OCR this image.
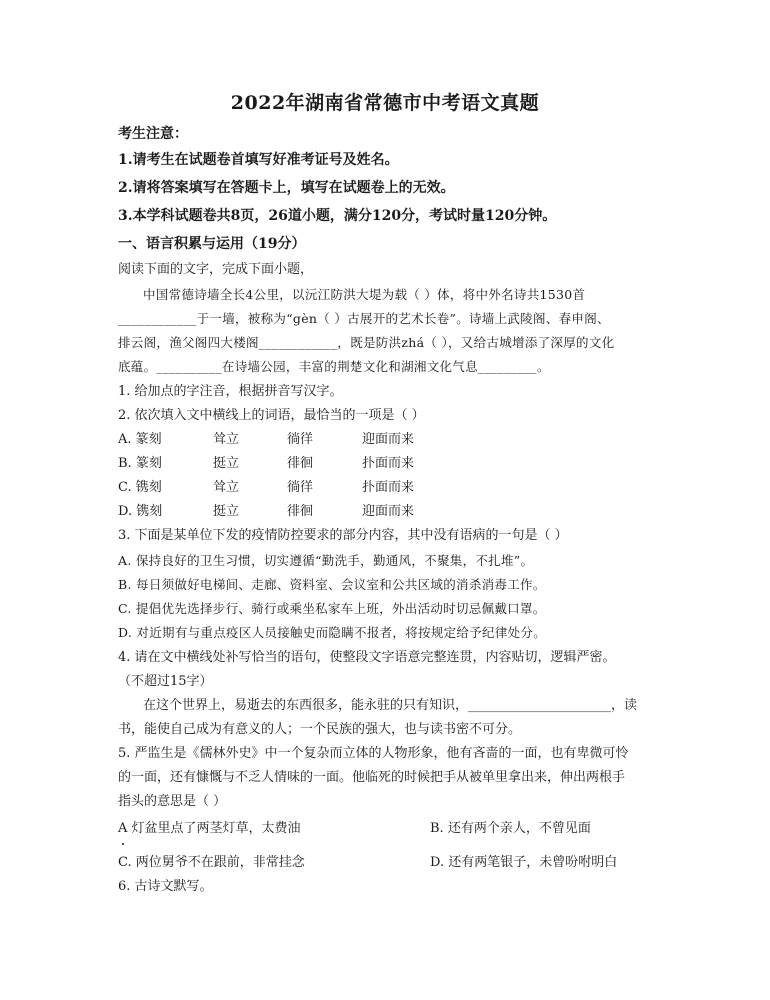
2022年湖南省常德市中考语文真题
考生注意：
1.请考生在试题卷首填写好准考证号及姓名。
2.请将答案填写在答题卡上，填写在试题卷上的无效。
3.本学科试题卷共8页，26道小题，满分120分，考试时量120分钟。
一、语言积累与运用（19分）
阅读下面的文字，完成下面小题，
中国常德诗墙全长4公里，以沅江防洪大堤为载（ ）体，将中外名诗共1530首
____________于一墙，被称为“gèn（ ）古展开的艺术长卷”。诗墙上武陵阁、春申阁、
排云阁，渔父阁四大楼阁____________，既是防洪zhá（ ），又给古城增添了深厚的文化
底蕴。__________在诗墙公园，丰富的荆楚文化和湖湘文化气息_________。
1. 给加点的字注音，根据拼音写汉字。
2. 依次填入文中横线上的词语，最恰当的一项是（ ）
A. 篆刻	耸立	徜徉	迎面而来
B. 篆刻	挺立	徘徊	扑面而来
C. 镌刻	耸立	徜徉	扑面而来
D. 镌刻	挺立	徘徊	迎面而来
3. 下面是某单位下发的疫情防控要求的部分内容，其中没有语病的一句是（ ）
A. 保持良好的卫生习惯，切实遵循“勤洗手，勤通风，不聚集，不扎堆”。
B. 每日须做好电梯间、走廊、资料室、会议室和公共区域的消杀消毒工作。
C. 提倡优先选择步行、骑行或乘坐私家车上班，外出活动时切忌佩戴口罩。
D. 对近期有与重点疫区人员接触史而隐瞒不报者，将按规定给予纪律处分。
4. 请在文中横线处补写恰当的语句，使整段文字语意完整连贯，内容贴切，逻辑严密。
（不超过15字）
在这个世界上，易逝去的东西很多，能永驻的只有知识，______________________，读
书，能使自己成为有意义的人；一个民族的强大，也与读书密不可分。
5. 严监生是《儒林外史》中一个复杂而立体的人物形象，他有吝啬的一面，也有卑微可怜
的一面，还有慷慨与不乏人情味的一面。他临死的时候把手从被单里拿出来，伸出两根手
指头的意思是（ ）
A 灯盆里点了两茎灯草，太费油	B. 还有两个亲人，不曾见面
C. 两位舅爷不在跟前，非常挂念	D. 还有两笔银子，未曾吩咐明白
6. 古诗文默写。
